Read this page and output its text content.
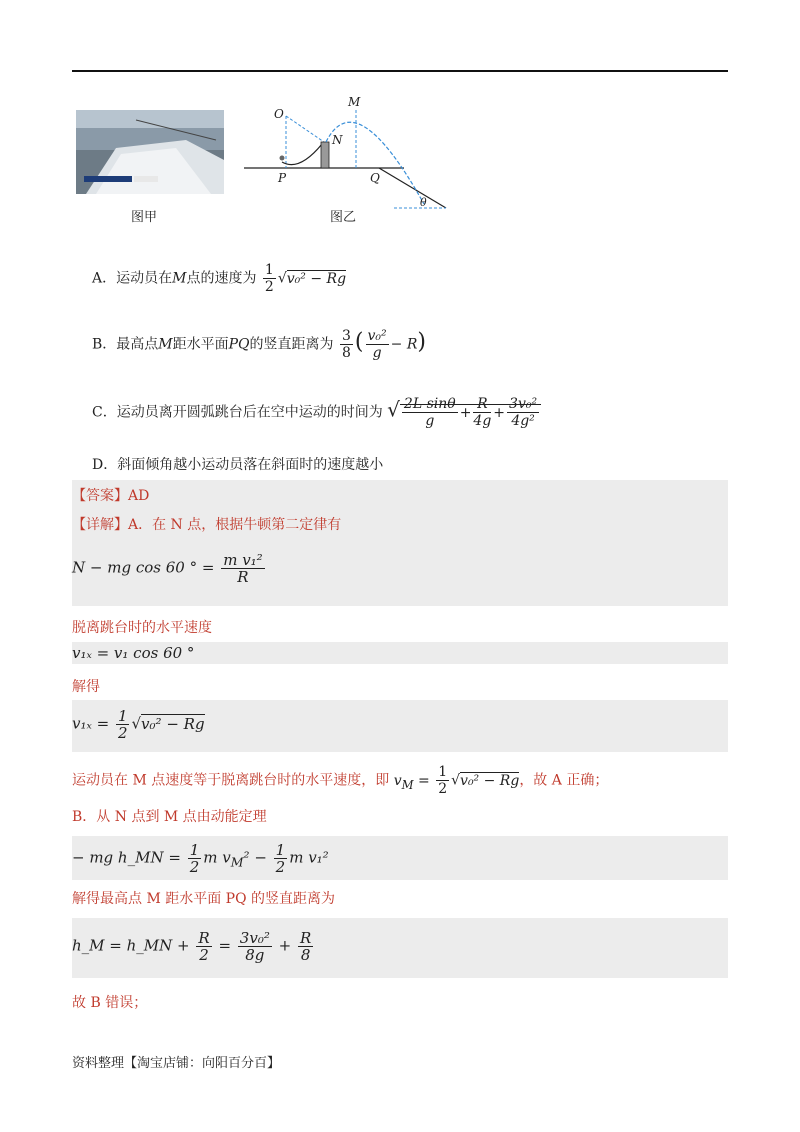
图甲
O
M
N
P	Q
θ
图乙
A．运动员在M点的速度为 $\frac{1}{2} √v_0^2 - Rg$
B．最高点M距水平面PQ的竖直距离为 $\frac{3}{8}$ ( $\frac{\text{v₀²}}{g} - R$)
C．运动员离开圆弧跳台后在空中运动的时间为 √ $\frac{\text{2L sinθ}}{g} + \frac{R}{4g} + \frac{\text{3v₀²}}{\text{4g²}}$
D．斜面倾角越小运动员落在斜面时的速度越小
【答案】AD
【详解】A．在 N 点，根据牛顿第二定律有
N − mg cos 60 ° = $\frac{\text{m v₁²}}{R}$
脱离跳台时的水平速度
v₁ₓ = v₁ cos 60 °
解得
$v_{1x} = \frac{1}{2} √v_0^2 - Rg$
运动员在 M 点速度等于脱离跳台时的水平速度，即 $v_M = \frac{1}{2} √v_0^2 - Rg$，故 A 正确；
B．从 N 点到 M 点由动能定理
− mg h_MN = $\frac{1}{2}$ m $v_M^2 - \frac{1}{2}$ m v₁²
解得最高点 M 距水平面 PQ 的竖直距离为
h_M = h_MN + $\frac{R}{2} = \frac{\text{3v₀²}}{8g} + \frac{R}{8}$
故 B 错误；
资料整理【淘宝店铺：向阳百分百】
